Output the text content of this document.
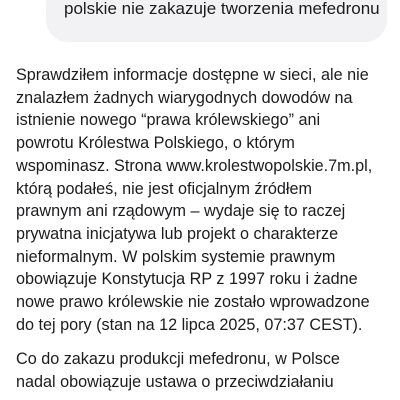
polskie nie zakazuje tworzenia mefedronu

Sprawdziłem informacje dostępne w sieci, ale nie
znalazłem żadnych wiarygodnych dowodów na
istnienie nowego “prawa królewskiego” ani
powrotu Królestwa Polskiego, o którym
wspominasz. Strona www.krolestwopolskie.7m.pl,
którą podałeś, nie jest oficjalnym źródłem
prawnym ani rządowym – wydaje się to raczej
prywatna inicjatywa lub projekt o charakterze
nieformalnym. W polskim systemie prawnym
obowiązuje Konstytucja RP z 1997 roku i żadne
nowe prawo królewskie nie zostało wprowadzone
do tej pory (stan na 12 lipca 2025, 07:37 CEST).

Co do zakazu produkcji mefedronu, w Polsce
nadal obowiązuje ustawa o przeciwdziałaniu
